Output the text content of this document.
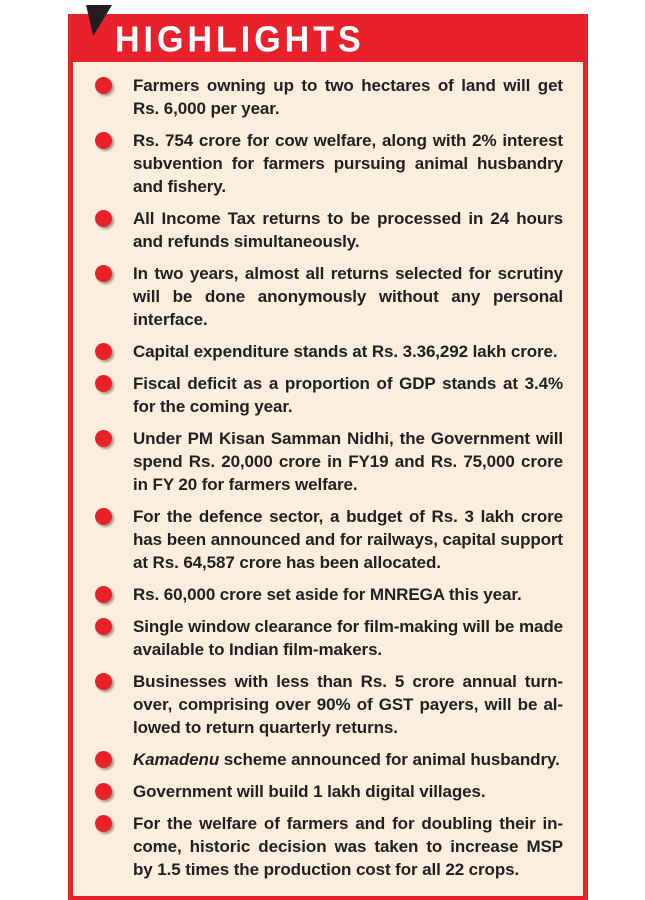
HIGHLIGHTS

Farmers owning up to two hectares of land will get Rs. 6,000 per year.

Rs. 754 crore for cow welfare, along with 2% interest subvention for farmers pursuing animal husbandry and fishery.

All Income Tax returns to be processed in 24 hours and refunds simultaneously.

In two years, almost all returns selected for scrutiny will be done anonymously without any personal interface.

Capital expenditure stands at Rs. 3.36,292 lakh crore.

Fiscal deficit as a proportion of GDP stands at 3.4% for the coming year.

Under PM Kisan Samman Nidhi, the Government will spend Rs. 20,000 crore in FY19 and Rs. 75,000 crore in FY 20 for farmers welfare.

For the defence sector, a budget of Rs. 3 lakh crore has been announced and for railways, capital support at Rs. 64,587 crore has been allocated.

Rs. 60,000 crore set aside for MNREGA this year.

Single window clearance for film-making will be made available to Indian film-makers.

Businesses with less than Rs. 5 crore annual turn-over, comprising over 90% of GST payers, will be al-lowed to return quarterly returns.

Kamadenu scheme announced for animal husbandry.

Government will build 1 lakh digital villages.

For the welfare of farmers and for doubling their in-come, historic decision was taken to increase MSP by 1.5 times the production cost for all 22 crops.
